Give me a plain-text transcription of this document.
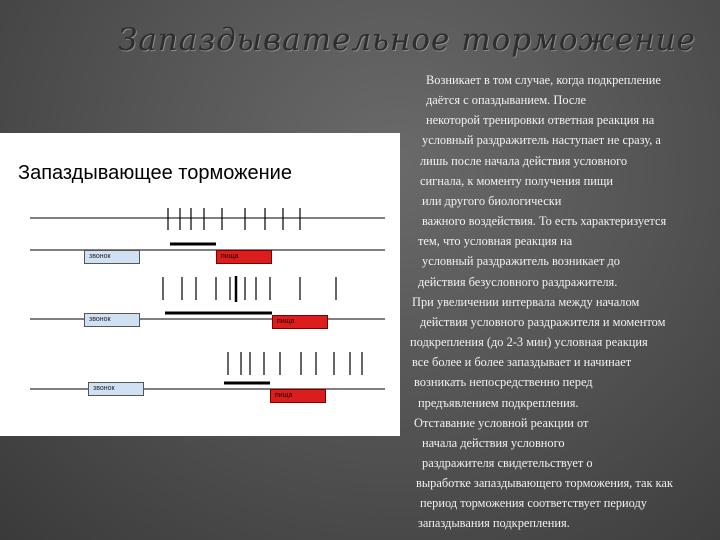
Запаздывательное торможение
Запаздывающее торможение
звонок	пища
звонок	пища
звонок
пища
Возникает в том случае, когда подкрепление
даётся с опаздыванием. После
некоторой тренировки ответная реакция на
условный раздражитель наступает не сразу, а
лишь после начала действия условного
сигнала, к моменту получения пищи
или другого биологически
важного воздействия. То есть характеризуется
тем, что условная реакция на
условный раздражитель возникает до
действия безусловного раздражителя.
При увеличении интервала между началом
действия условного раздражителя и моментом
подкрепления (до 2-3 мин) условная реакция
все более и более запаздывает и начинает
возникать непосредственно перед
предъявлением подкрепления.
Отставание условной реакции от
начала действия условного
раздражителя свидетельствует о
выработке запаздывающего торможения, так как
период торможения соответствует периоду
запаздывания подкрепления.
